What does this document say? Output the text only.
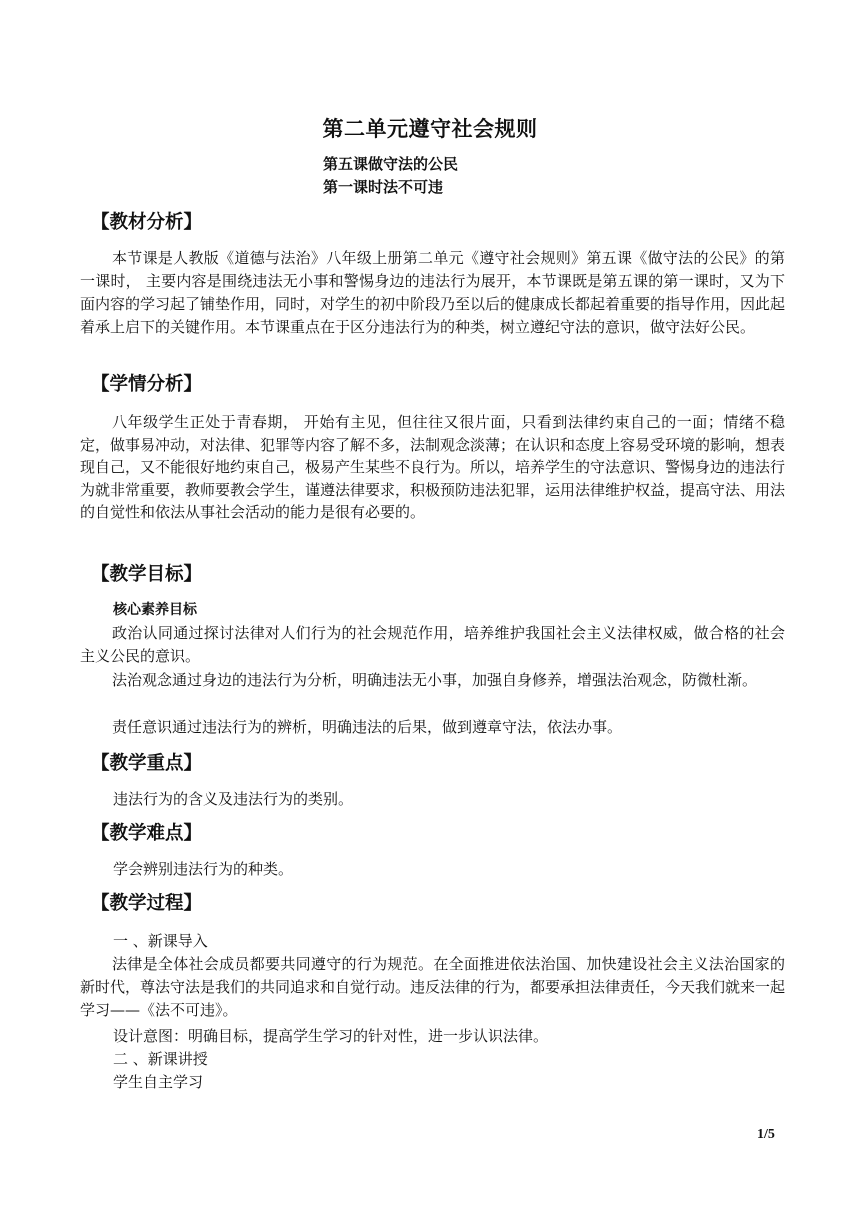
第二单元遵守社会规则
第五课做守法的公民
第一课时法不可违
【教材分析】

本节课是人教版《道德与法治》八年级上册第二单元《遵守社会规则》第五课《做守法的公民》的第一课时， 主要内容是围绕违法无小事和警惕身边的违法行为展开，本节课既是第五课的第一课时，又为下面内容的学习起了铺垫作用，同时，对学生的初中阶段乃至以后的健康成长都起着重要的指导作用，因此起着承上启下的关键作用。本节课重点在于区分违法行为的种类，树立遵纪守法的意识，做守法好公民。

【学情分析】

八年级学生正处于青春期， 开始有主见，但往往又很片面，只看到法律约束自己的一面；情绪不稳定，做事易冲动，对法律、犯罪等内容了解不多，法制观念淡薄；在认识和态度上容易受环境的影响，想表现自己，又不能很好地约束自己，极易产生某些不良行为。所以，培养学生的守法意识、警惕身边的违法行为就非常重要，教师要教会学生，谨遵法律要求，积极预防违法犯罪，运用法律维护权益，提高守法、用法的自觉性和依法从事社会活动的能力是很有必要的。

【教学目标】
核心素养目标

政治认同通过探讨法律对人们行为的社会规范作用，培养维护我国社会主义法律权威，做合格的社会主义公民的意识。

法治观念通过身边的违法行为分析，明确违法无小事，加强自身修养，增强法治观念，防微杜渐。

责任意识通过违法行为的辨析，明确违法的后果，做到遵章守法，依法办事。

【教学重点】
违法行为的含义及违法行为的类别。
【教学难点】
学会辨别违法行为的种类。
【教学过程】
一 、新课导入

法律是全体社会成员都要共同遵守的行为规范。在全面推进依法治国、加快建设社会主义法治国家的新时代，尊法守法是我们的共同追求和自觉行动。违反法律的行为，都要承担法律责任，今天我们就来一起学习——《法不可违》。

设计意图：明确目标，提高学生学习的针对性，进一步认识法律。
二 、新课讲授
学生自主学习
1/5
